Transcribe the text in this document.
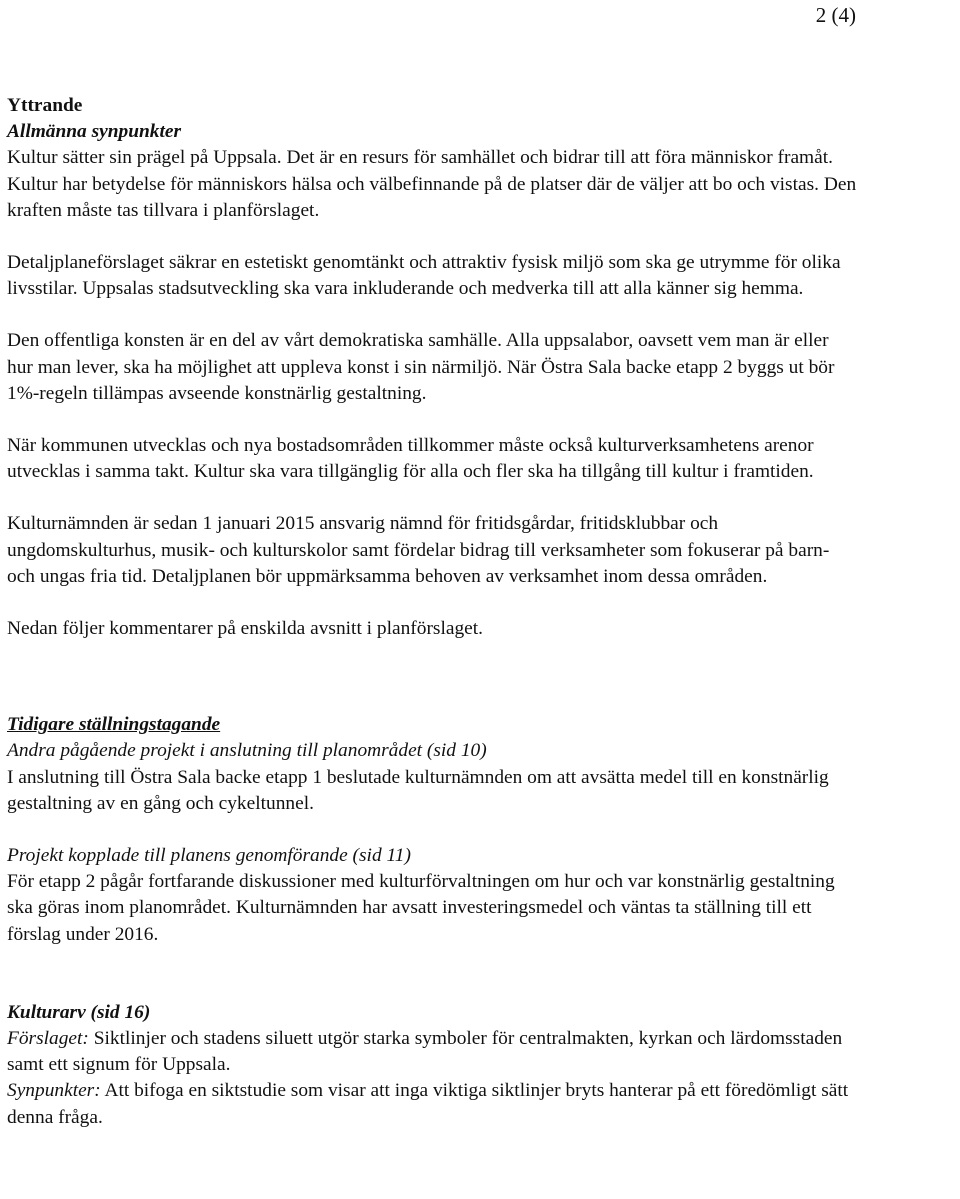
2 (4)

Yttrande

Allmänna synpunkter

Kultur sätter sin prägel på Uppsala. Det är en resurs för samhället och bidrar till att föra människor framåt. Kultur har betydelse för människors hälsa och välbefinnande på de platser där de väljer att bo och vistas. Den kraften måste tas tillvara i planförslaget.

Detaljplaneförslaget säkrar en estetiskt genomtänkt och attraktiv fysisk miljö som ska ge utrymme för olika livsstilar. Uppsalas stadsutveckling ska vara inkluderande och medverka till att alla känner sig hemma.

Den offentliga konsten är en del av vårt demokratiska samhälle. Alla uppsalabor, oavsett vem man är eller hur man lever, ska ha möjlighet att uppleva konst i sin närmiljö. När Östra Sala backe etapp 2 byggs ut bör 1%-regeln tillämpas avseende konstnärlig gestaltning.

När kommunen utvecklas och nya bostadsområden tillkommer måste också kulturverksamhetens arenor utvecklas i samma takt. Kultur ska vara tillgänglig för alla och fler ska ha tillgång till kultur i framtiden.

Kulturnämnden är sedan 1 januari 2015 ansvarig nämnd för fritidsgårdar, fritidsklubbar och ungdomskulturhus, musik- och kulturskolor samt fördelar bidrag till verksamheter som fokuserar på barn- och ungas fria tid. Detaljplanen bör uppmärksamma behoven av verksamhet inom dessa områden.

Nedan följer kommentarer på enskilda avsnitt i planförslaget.

Tidigare ställningstagande

Andra pågående projekt i anslutning till planområdet (sid 10)

I anslutning till Östra Sala backe etapp 1 beslutade kulturnämnden om att avsätta medel till en konstnärlig gestaltning av en gång och cykeltunnel.

Projekt kopplade till planens genomförande (sid 11)

För etapp 2 pågår fortfarande diskussioner med kulturförvaltningen om hur och var konstnärlig gestaltning ska göras inom planområdet. Kulturnämnden har avsatt investeringsmedel och väntas ta ställning till ett förslag under 2016.

Kulturarv (sid 16)

Förslaget: Siktlinjer och stadens siluett utgör starka symboler för centralmakten, kyrkan och lärdomsstaden samt ett signum för Uppsala.

Synpunkter: Att bifoga en siktstudie som visar att inga viktiga siktlinjer bryts hanterar på ett föredömligt sätt denna fråga.
